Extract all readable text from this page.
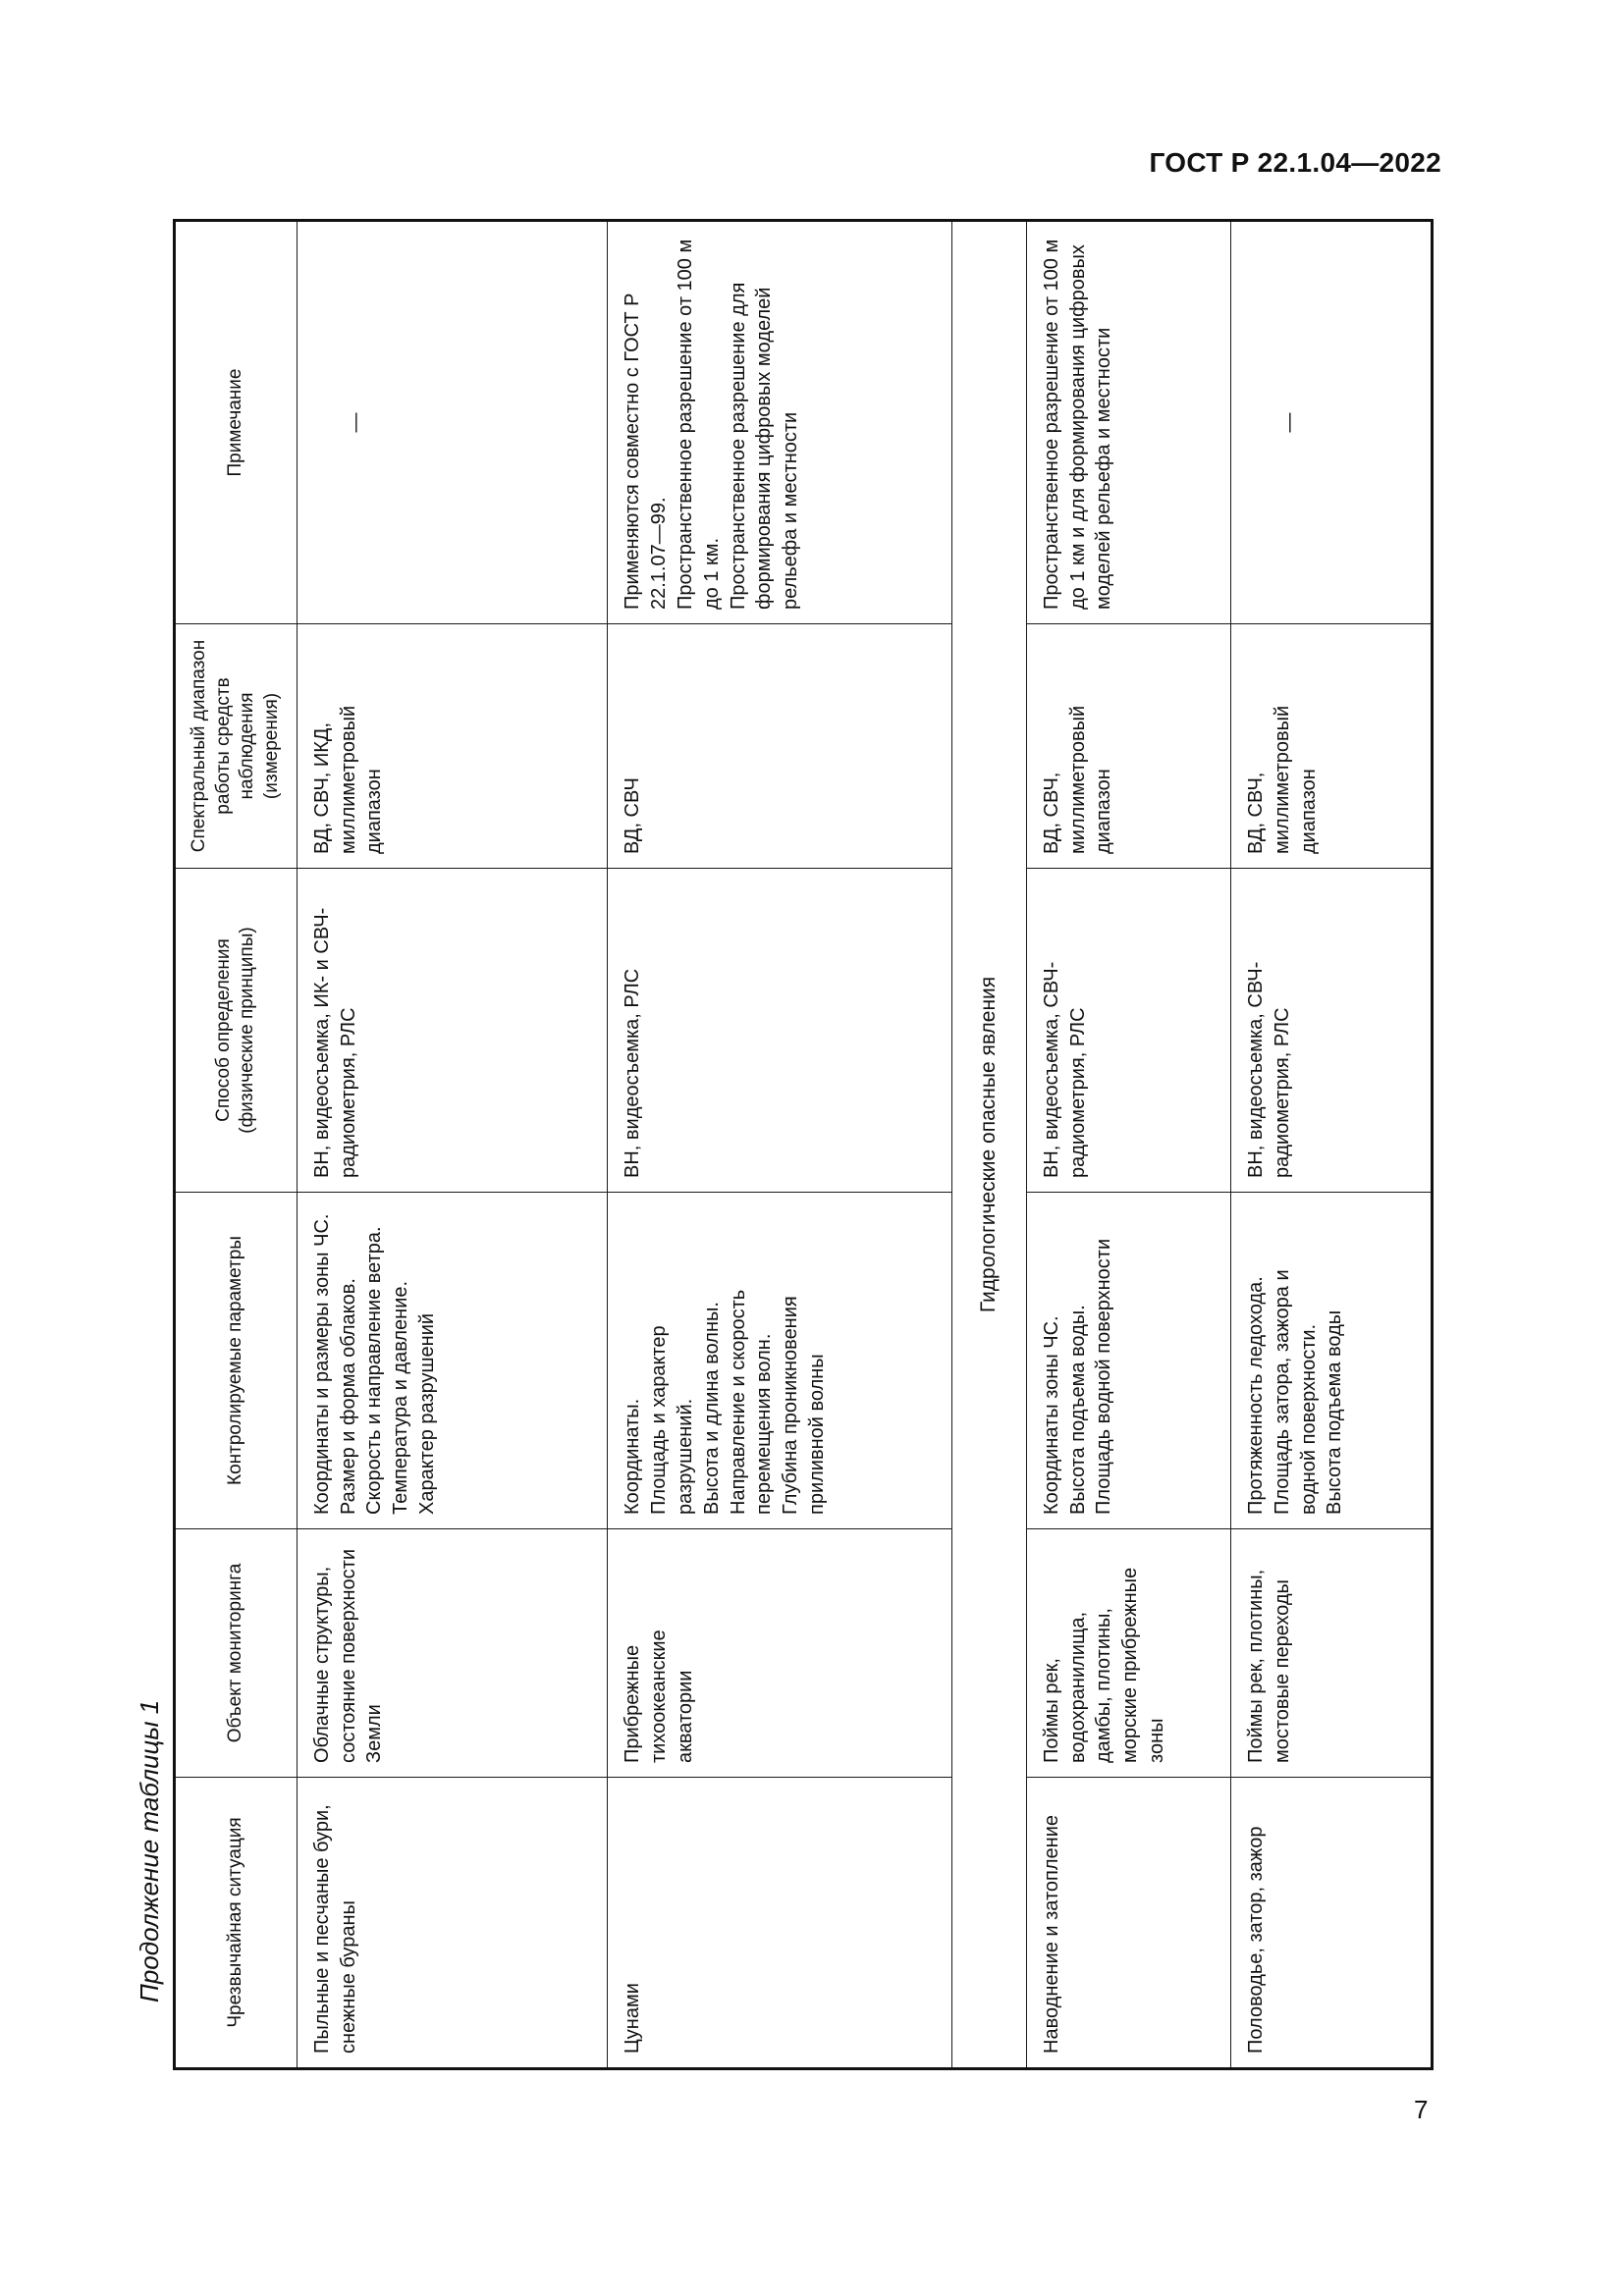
ГОСТ Р 22.1.04—2022
Продолжение таблицы 1	Чрезвычайная ситуация	Объект мониторинга	Контролируемые параметры	Способ определения (физические принципы)	Спектральный диапазон работы средств наблюдения (измерения)	Примечание
Пыльные и песчаные бури, снежные бураны	Облачные структуры, состояние поверхности Земли	Координаты и размеры зоны ЧС. Размер и форма облаков. Скорость и направление ветра. Температура и давление. Характер разрушений	ВН, видеосъемка, ИК- и СВЧ-радиометрия, РЛС	ВД, СВЧ, ИКД, миллиметровый диапазон	—
Цунами	Прибрежные тихоокеанские акватории	Координаты. Площадь и характер разрушений. Высота и длина волны. Направление и скорость перемещения волн. Глубина проникновения приливной волны	ВН, видеосъемка, РЛС	ВД, СВЧ	Применяются совместно с ГОСТ Р 22.1.07—99. Пространственное разрешение от 100 м до 1 км. Пространственное разрешение для формирования цифровых моделей рельефа и местности

Гидрологические опасные явления					
Наводнение и затопление	Поймы рек, водохранилища, дамбы, плотины, морские прибрежные зоны	Координаты зоны ЧС. Высота подъема воды. Площадь водной поверхности	ВН, видеосъемка, СВЧ-радиометрия, РЛС	ВД, СВЧ, миллиметровый диапазон	Пространственное разрешение от 100 м до 1 км и для формирования цифровых моделей рельефа и местности
Половодье, затор, зажор	Поймы рек, плотины, мостовые переходы	Протяженность ледохода. Площадь затора, зажора и водной поверхности. Высота подъема воды	ВН, видеосъемка, СВЧ-радиометрия, РЛС	ВД, СВЧ, миллиметровый диапазон	—
7
